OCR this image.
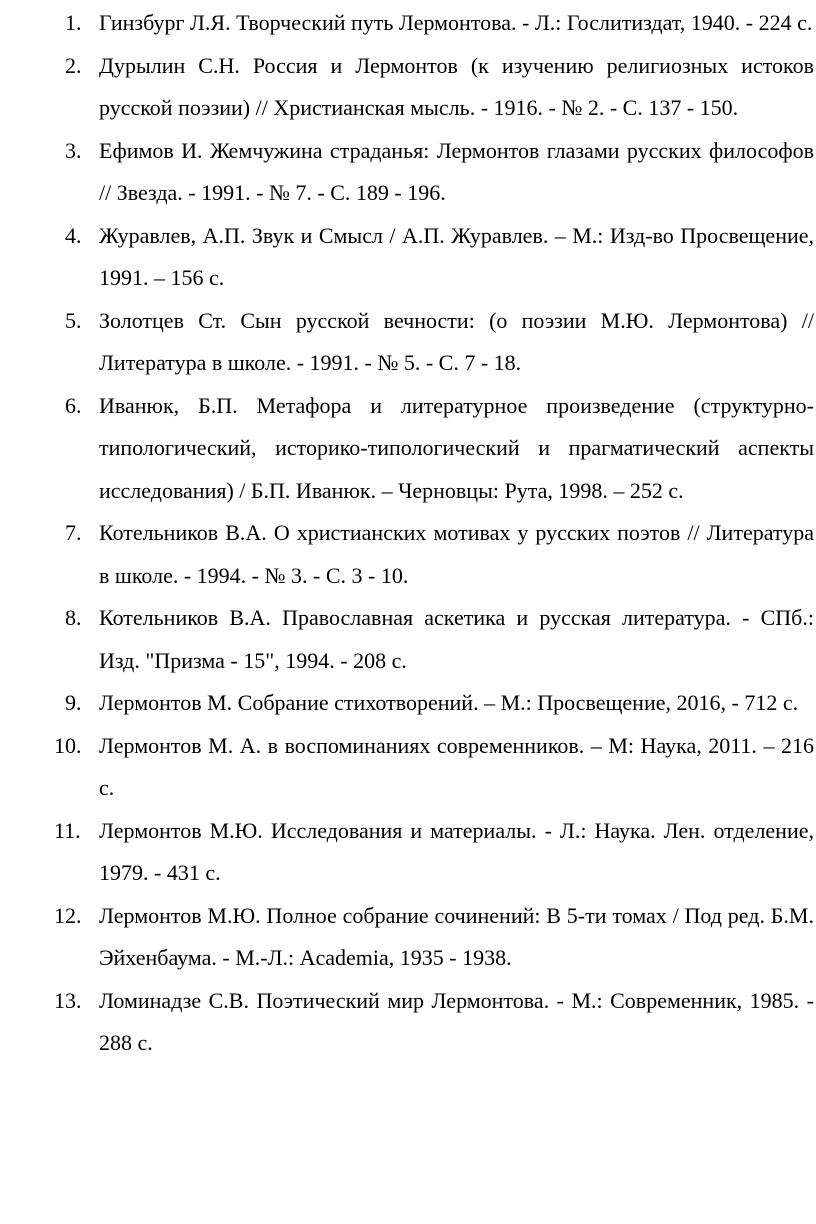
1. Гинзбург Л.Я. Творческий путь Лермонтова. - Л.: Гослитиздат, 1940. - 224 с.
2. Дурылин С.Н. Россия и Лермонтов (к изучению религиозных истоков русской поэзии) // Христианская мысль. - 1916. - № 2. - С. 137 - 150.
3. Ефимов И. Жемчужина страданья: Лермонтов глазами русских философов // Звезда. - 1991. - № 7. - С. 189 - 196.
4. Журавлев, А.П. Звук и Смысл / А.П. Журавлев. – М.: Изд-во Просвещение, 1991. – 156 с.
5. Золотцев Ст. Сын русской вечности: (о поэзии М.Ю. Лермонтова) // Литература в школе. - 1991. - № 5. - С. 7 - 18.
6. Иванюк, Б.П. Метафора и литературное произведение (структурно-типологический, историко-типологический и прагматический аспекты исследования) / Б.П. Иванюк. – Черновцы: Рута, 1998. – 252 с.
7. Котельников В.А. О христианских мотивах у русских поэтов // Литература в школе. - 1994. - № 3. - С. 3 - 10.
8. Котельников В.А. Православная аскетика и русская литература. - СПб.: Изд. "Призма - 15", 1994. - 208 с.
9. Лермонтов М. Собрание стихотворений. – М.: Просвещение, 2016, - 712 с.
10. Лермонтов М. А. в воспоминаниях современников. – М: Наука, 2011. – 216 с.
11. Лермонтов М.Ю. Исследования и материалы. - Л.: Наука. Лен. отделение, 1979. - 431 с.
12. Лермонтов М.Ю. Полное собрание сочинений: В 5-ти томах / Под ред. Б.М. Эйхенбаума. - М.-Л.: Academia, 1935 - 1938.
13. Ломинадзе С.В. Поэтический мир Лермонтова. - М.: Современник, 1985. - 288 с.
